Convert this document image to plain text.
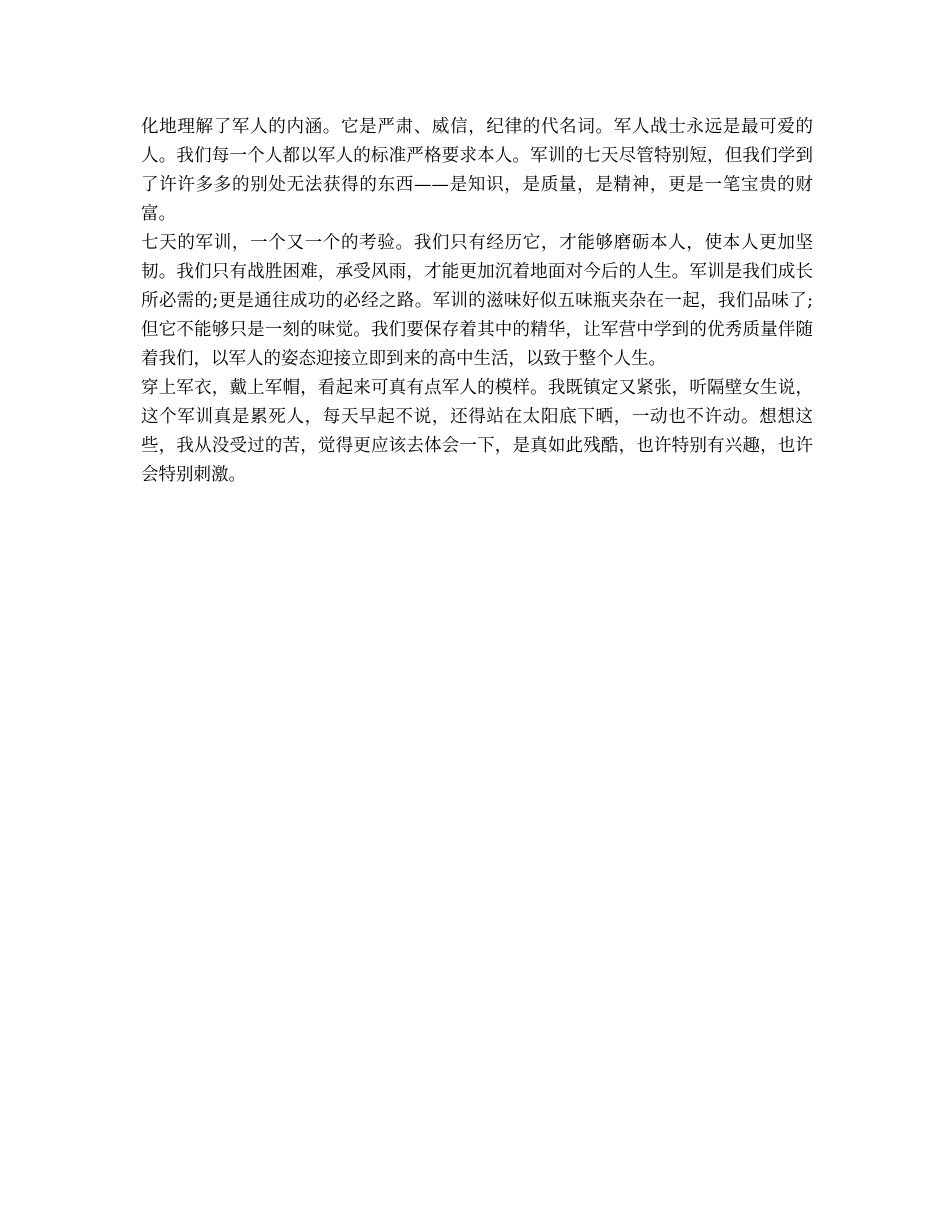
化地理解了军人的内涵。它是严肃、威信，纪律的代名词。军人战士永远是最可爱的人。我们每一个人都以军人的标准严格要求本人。军训的七天尽管特别短，但我们学到了许许多多的别处无法获得的东西——是知识，是质量，是精神，更是一笔宝贵的财富。

七天的军训，一个又一个的考验。我们只有经历它，才能够磨砺本人，使本人更加坚韧。我们只有战胜困难，承受风雨，才能更加沉着地面对今后的人生。军训是我们成长所必需的;更是通往成功的必经之路。军训的滋味好似五味瓶夹杂在一起，我们品味了;但它不能够只是一刻的味觉。我们要保存着其中的精华，让军营中学到的优秀质量伴随着我们，以军人的姿态迎接立即到来的高中生活，以致于整个人生。

穿上军衣，戴上军帽，看起来可真有点军人的模样。我既镇定又紧张，听隔壁女生说，这个军训真是累死人，每天早起不说，还得站在太阳底下晒，一动也不许动。想想这些，我从没受过的苦，觉得更应该去体会一下，是真如此残酷，也许特别有兴趣，也许会特别刺激。
